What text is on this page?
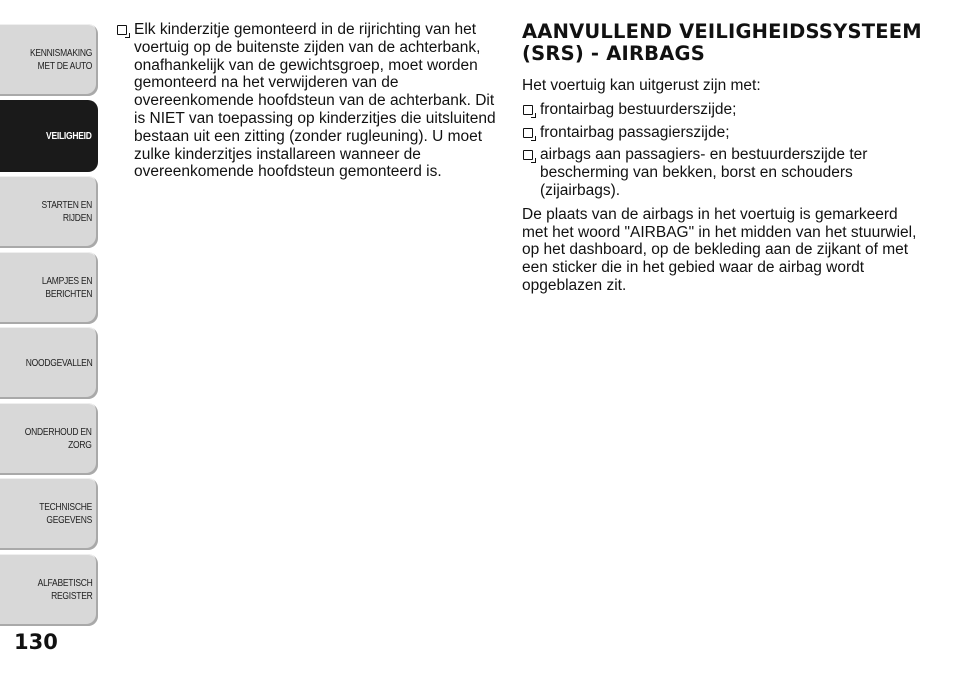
KENNISMAKING
MET DE AUTO
VEILIGHEID
STARTEN EN RIJDEN
LAMPJES EN
BERICHTEN
NOODGEVALLEN
ONDERHOUD EN
ZORG
TECHNISCHE
GEGEVENS
ALFABETISCH
REGISTER
130
Elk kinderzitje gemonteerd in de rijrichting van het voertuig op de buitenste zijden van de achterbank, onafhankelijk van de gewichtsgroep, moet worden gemonteerd na het verwijderen van de overeenkomende hoofdsteun van de achterbank. Dit is NIET van toepassing op kinderzitjes die uitsluitend bestaan uit een zitting (zonder rugleuning). U moet zulke kinderzitjes installareen wanneer de overeenkomende hoofdsteun gemonteerd is.
AANVULLEND VEILIGHEIDSSYSTEEM
(SRS) - AIRBAGS

Het voertuig kan uitgerust zijn met:

frontairbag bestuurderszijde;
frontairbag passagierszijde;
airbags aan passagiers- en bestuurderszijde ter bescherming van bekken, borst en schouders (zijairbags).

De plaats van de airbags in het voertuig is gemarkeerd met het woord "AIRBAG" in het midden van het stuurwiel, op het dashboard, op de bekleding aan de zijkant of met een sticker die in het gebied waar de airbag wordt opgeblazen zit.
